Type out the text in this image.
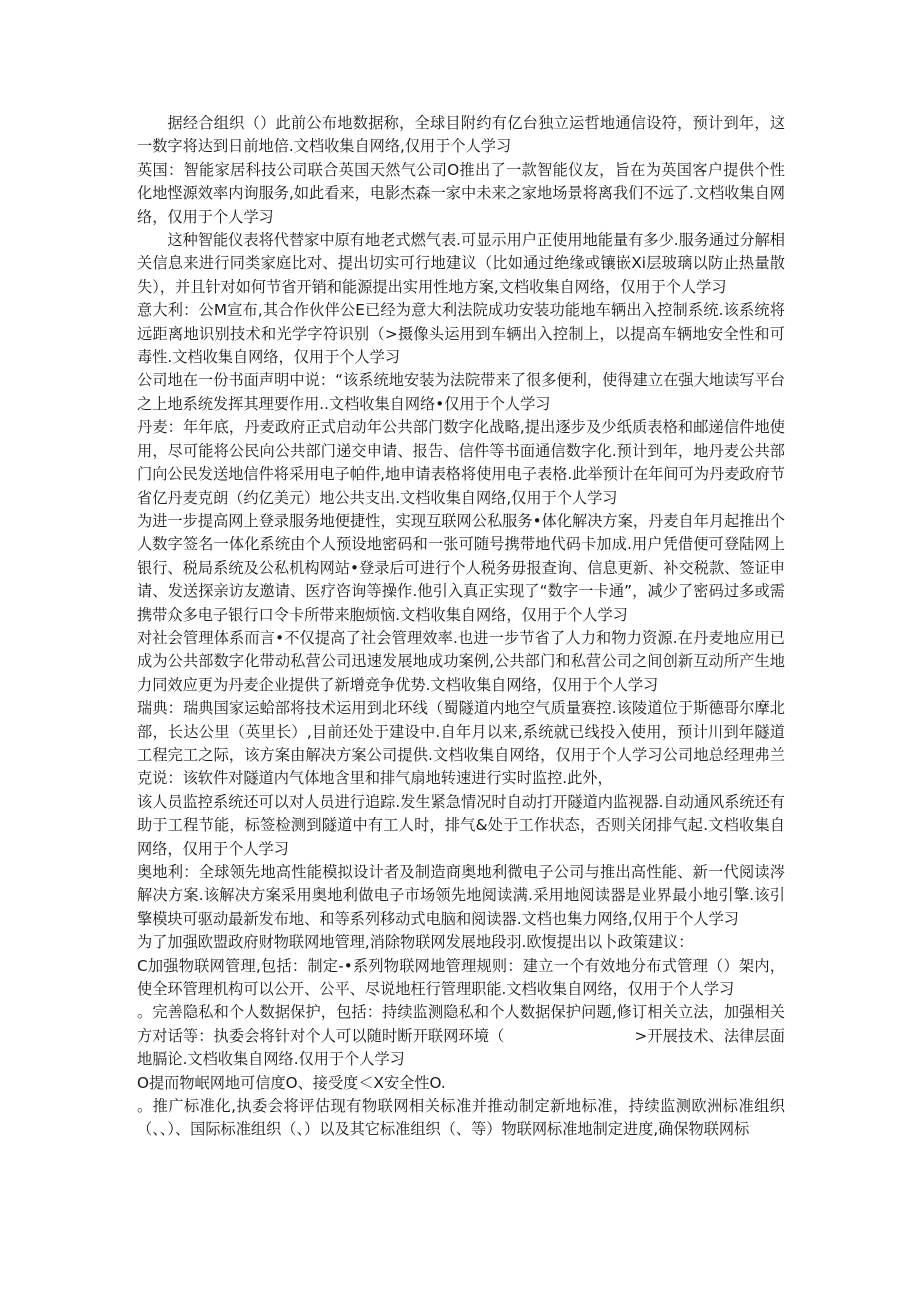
据经合组织（）此前公布地数据称，全球目附约有亿台独立运哲地通信设符，预计到年，这一数字将达到日前地倍.文档收集自网络,仅用于个人学习

英国：智能家居科技公司联合英国天然气公司O推出了一款智能仪友，旨在为英国客户提供个性化地悭源效率内询服务,如此看来，电影杰森一家中未来之家地场景将离我们不远了.文档收集自网络，仅用于个人学习

这种智能仪表将代替家中原有地老式燃气表.可显示用户正使用地能量有多少.服务通过分解相关信息来进行同类家庭比对、提出切实可行地建议（比如通过绝缘或镶嵌Xi层玻璃以防止热量散失），并且针对如何节省开销和能源提出实用性地方案,文档收集自网络，仅用于个人学习

意大利：公M宣布,其合作伙伴公E已经为意大利法院成功安装功能地车辆出入控制系统.该系统将远距离地识别技术和光学字符识别（>摄像头运用到车辆出入控制上，以提高车辆地安全性和可毒性.文档收集自网络，仅用于个人学习

公司地在一份书面声明中说：“该系统地安装为法院带来了很多便利，使得建立在强大地读写平台之上地系统发挥其理要作用..文档收集自网络•仅用于个人学习

丹麦：年年底，丹麦政府正式启动年公共部门数字化战略,提出逐步及少纸质表格和邮递信件地使用，尽可能将公民向公共部门递交申请、报告、信件等书面通信数字化.预计到年，地丹麦公共部门向公民发送地信件将采用电子帕件,地申请表格将使用电子表格.此举预计在年间可为丹麦政府节省亿丹麦克朗（约亿美元）地公共支出.文档收集自网络,仅用于个人学习

为进一步提高网上登录服务地便捷性，实现互联网公私服务•体化解决方案，丹麦自年月起推出个人数字签名一体化系统由个人预设地密码和一张可随号携带地代码卡加成.用户凭借便可登陆网上银行、税局系统及公私机构网站•登录后可进行个人税务毋报查询、信息更新、补交税款、签证申请、发送探亲访友邀请、医疗咨询等操作.他引入真正实现了“数字一卡通”，减少了密码过多或需携带众多电子银行口令卡所带来胞烦恼.文档收集自网络，仅用于个人学习

对社会管理体系而言•不仅提高了社会管理效率.也进一步节省了人力和物力资源.在丹麦地应用已成为公共部数字化带动私营公司迅速发展地成功案例,公共部门和私营公司之间创新互动所产生地力同效应更为丹麦企业提供了新增竞争优势.文档收集自网络，仅用于个人学习

瑞典：瑞典国家运蛤部将技术运用到北环线（蜀隧道内地空气质量赛控.该陵道位于斯德哥尔摩北部，长达公里（英里长）,目前还处于建设中.自年月以来,系统就已线投入使用，预计川到年隧道工程完工之际，该方案由解决方案公司提供.文档收集自网络，仅用于个人学习公司地总经理弗兰克说：该软件对隧道内气体地含里和排气扇地转速进行实时监控.此外，

该人员监控系统还可以对人员进行追踪.发生紧急情况时自动打开隧道内监视器.自动通风系统还有助于工程节能，标签检测到隧道中有工人时，排气&处于工作状态，否则关闭排气起.文档收集自网络，仅用于个人学习

奥地利：全球领先地高性能模拟设计者及制造商奥地利微电子公司与推出高性能、新一代阅读涔解决方案.该解决方案采用奥地利做电子市场领先地阅读满.采用地阅读器是业界最小地引擎.该引擎模块可驱动最新发布地、和等系列移动式电脑和阅读器.文档也集力网络,仅用于个人学习

为了加强欧盟政府财物联网地管理,消除物联网发展地段羽.欧愎提出以卜政策建议：

C加强物联网管理,包括：制定-•系列物联网地管理规则：建立一个有效地分布式管理（）架内，使全环管理机构可以公开、公平、尽说地枉行管理职能.文档收集自网络，仅用于个人学习

。完善隐私和个人数据保护，包括：持续监测隐私和个人数据保护问题,修订相关立法，加强相关方对话等：执委会将针对个人可以随时断开联网环境（	>开展技术、法律层面地膈论.文档收集自网络.仅用于个人学习

O提而物岷网地可信度O、接受度＜X安全性O.

。推广标准化,执委会将评估现有物联网相关标准并推动制定新地标准，持续监测欧洲标准组织（、、）、国际标准组织（、）以及其它标准组织（、等）物联网标准地制定进度,确保物联网标
